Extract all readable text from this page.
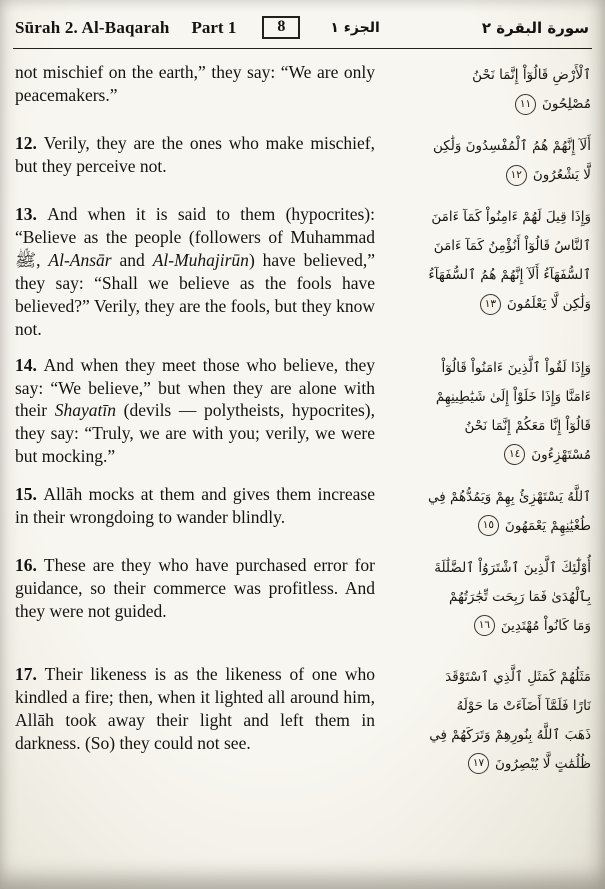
Sūrah 2. Al-Baqarah Part 1	8	الجزء ١	سورة البقرة ٢

not mischief on the earth,” they say: “We are only peacemakers.”

ٱلْأَرْضِ قَالُوٓاْ إِنَّمَا نَحْنُ
مُصْلِحُونَ١١

12. Verily, they are the ones who make mischief, but they perceive not.

أَلَآ إِنَّهُمْ هُمُ ٱلْمُفْسِدُونَ وَلَٰكِن
لَّا يَشْعُرُونَ١٢

13. And when it is said to them (hypocrites): “Believe as the people (followers of Muhammad ﷺ, Al-Ansār and Al-Muhajirūn) have believed,” they say: “Shall we believe as the fools have believed?” Verily, they are the fools, but they know not.

وَإِذَا قِيلَ لَهُمْ ءَامِنُواْ كَمَآ ءَامَنَ
ٱلنَّاسُ قَالُوٓاْ أَنُؤْمِنُ كَمَآ ءَامَنَ
ٱلسُّفَهَآءُ أَلَآ إِنَّهُمْ هُمُ ٱلسُّفَهَآءُ
وَلَٰكِن لَّا يَعْلَمُونَ١٣

14. And when they meet those who believe, they say: “We believe,” but when they are alone with their Shayatīn (devils — polytheists, hypocrites), they say: “Truly, we are with you; verily, we were but mocking.”

وَإِذَا لَقُواْ ٱلَّذِينَ ءَامَنُواْ قَالُوٓاْ
ءَامَنَّا وَإِذَا خَلَوْاْ إِلَىٰ شَيَٰطِينِهِمْ
قَالُوٓاْ إِنَّا مَعَكُمْ إِنَّمَا نَحْنُ
مُسْتَهْزِءُونَ١٤

15. Allāh mocks at them and gives them increase in their wrongdoing to wander blindly.

ٱللَّهُ يَسْتَهْزِئُ بِهِمْ وَيَمُدُّهُمْ فِي
طُغْيَٰنِهِمْ يَعْمَهُونَ١٥

16. These are they who have purchased error for guidance, so their commerce was profitless. And they were not guided.

أُوْلَٰٓئِكَ ٱلَّذِينَ ٱشْتَرَوُاْ ٱلضَّلَٰلَةَ
بِٱلْهُدَىٰ فَمَا رَبِحَت تِّجَٰرَتُهُمْ
وَمَا كَانُواْ مُهْتَدِينَ١٦

17. Their likeness is as the likeness of one who kindled a fire; then, when it lighted all around him, Allāh took away their light and left them in darkness. (So) they could not see.

مَثَلُهُمْ كَمَثَلِ ٱلَّذِي ٱسْتَوْقَدَ
نَارًا فَلَمَّآ أَضَآءَتْ مَا حَوْلَهُ
ذَهَبَ ٱللَّهُ بِنُورِهِمْ وَتَرَكَهُمْ فِي
ظُلُمَٰتٍ لَّا يُبْصِرُونَ١٧
